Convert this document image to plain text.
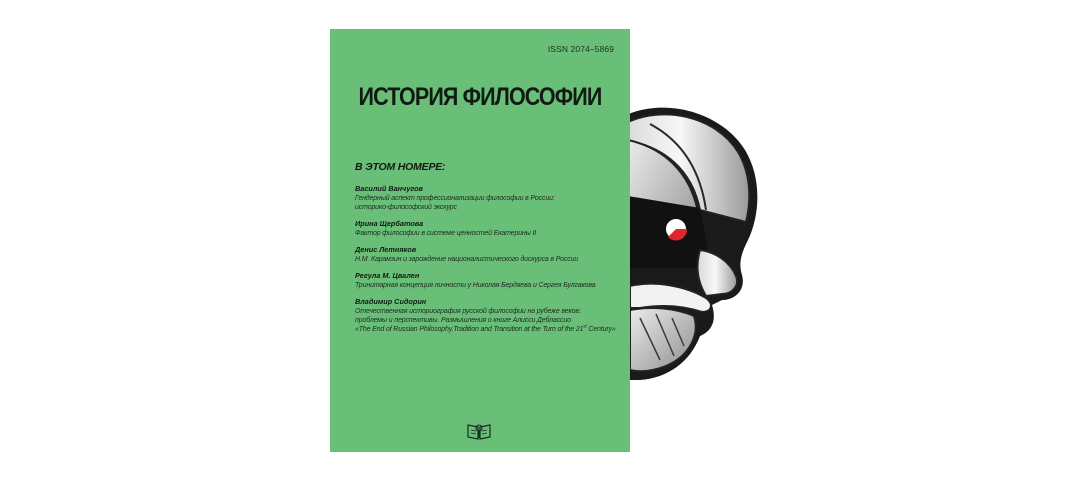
ISSN 2074–5869
ИСТОРИЯ ФИЛОСОФИИ
В ЭТОМ НОМЕРЕ:
Василий Ванчугов
Гендерный аспект профессионализации философии в России:
историко-философский экскурс
Ирина Щербатова
Фактор философии в системе ценностей Екатерины II
Денис Летняков
Н.М. Карамзин и зарождение националистического дискурса в России
Регула М. Цвален
Тринитарная концепция личности у Николая Бердяева и Сергея Булгакова
Владимир Сидорин
Отечественная историография русской философии на рубеже веков:
проблемы и перспективы. Размышления о книге Алисси Деблассио
«The End of Russian Philosophy.Tradition and Transition at the Turn of the 21st Century»
